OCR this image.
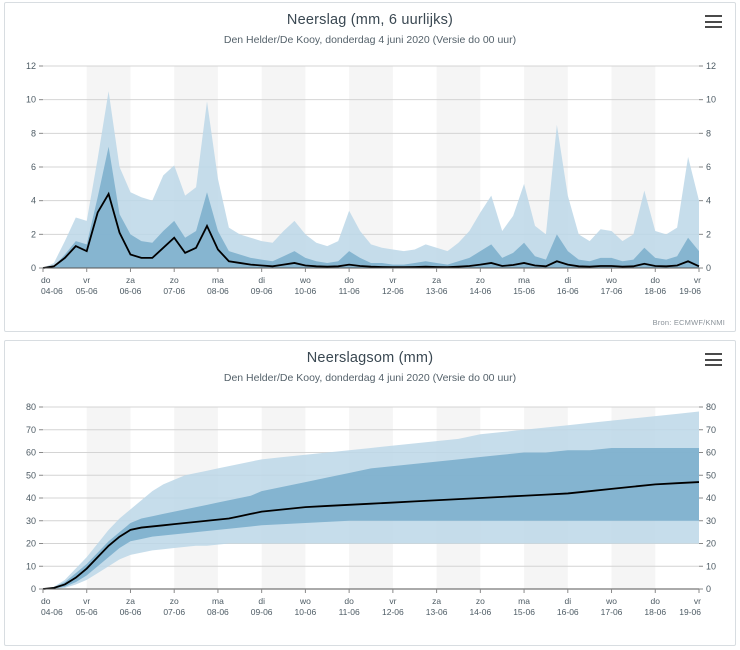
Neerslag (mm, 6 uurlijks)
Den Helder/De Kooy, donderdag 4 juni 2020 (Versie do 00 uur)
0	0
2	2
4	4
6	6
8	8
10	10
12	12
do
04-06
vr
05-06
za
06-06
zo
07-06
ma
08-06
di
09-06
wo
10-06
do
11-06
vr
12-06
za
13-06
zo
14-06
ma
15-06
di
16-06
wo
17-06
do
18-06
vr
19-06
Bron: ECMWF/KNMI
Neerslagsom (mm)
Den Helder/De Kooy, donderdag 4 juni 2020 (Versie do 00 uur)
0	0
10	10
20	20
30	30
40	40
50	50
60	60
70	70
80	80
do
04-06
vr
05-06
za
06-06
zo
07-06
ma
08-06
di
09-06
wo
10-06
do
11-06
vr
12-06
za
13-06
zo
14-06
ma
15-06
di
16-06
wo
17-06
do
18-06
vr
19-06
